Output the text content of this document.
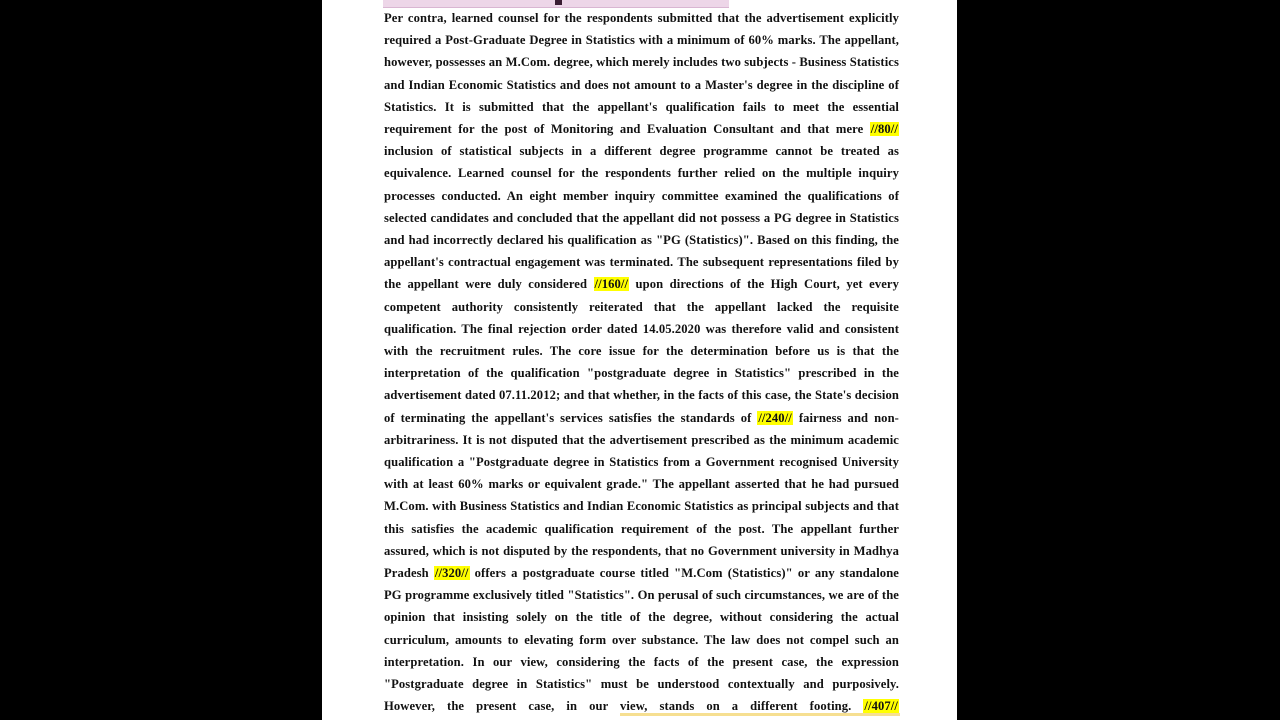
Per contra, learned counsel for the respondents submitted that the advertisement explicitly required a Post-Graduate Degree in Statistics with a minimum of 60% marks. The appellant, however, possesses an M.Com. degree, which merely includes two subjects - Business Statistics and Indian Economic Statistics and does not amount to a Master's degree in the discipline of Statistics. It is submitted that the appellant's qualification fails to meet the essential requirement for the post of Monitoring and Evaluation Consultant and that mere //80// inclusion of statistical subjects in a different degree programme cannot be treated as equivalence. Learned counsel for the respondents further relied on the multiple inquiry processes conducted. An eight member inquiry committee examined the qualifications of selected candidates and concluded that the appellant did not possess a PG degree in Statistics and had incorrectly declared his qualification as "PG (Statistics)". Based on this finding, the appellant's contractual engagement was terminated. The subsequent representations filed by the appellant were duly considered //160// upon directions of the High Court, yet every competent authority consistently reiterated that the appellant lacked the requisite qualification. The final rejection order dated 14.05.2020 was therefore valid and consistent with the recruitment rules. The core issue for the determination before us is that the interpretation of the qualification "postgraduate degree in Statistics" prescribed in the advertisement dated 07.11.2012; and that whether, in the facts of this case, the State's decision of terminating the appellant's services satisfies the standards of //240// fairness and non-arbitrariness. It is not disputed that the advertisement prescribed as the minimum academic qualification a "Postgraduate degree in Statistics from a Government recognised University with at least 60% marks or equivalent grade." The appellant asserted that he had pursued M.Com. with Business Statistics and Indian Economic Statistics as principal subjects and that this satisfies the academic qualification requirement of the post. The appellant further assured, which is not disputed by the respondents, that no Government university in Madhya Pradesh //320// offers a postgraduate course titled "M.Com (Statistics)" or any standalone PG programme exclusively titled "Statistics". On perusal of such circumstances, we are of the opinion that insisting solely on the title of the degree, without considering the actual curriculum, amounts to elevating form over substance. The law does not compel such an interpretation. In our view, considering the facts of the present case, the expression "Postgraduate degree in Statistics" must be understood contextually and purposively. However, the present case, in our view, stands on a different footing. //407//
